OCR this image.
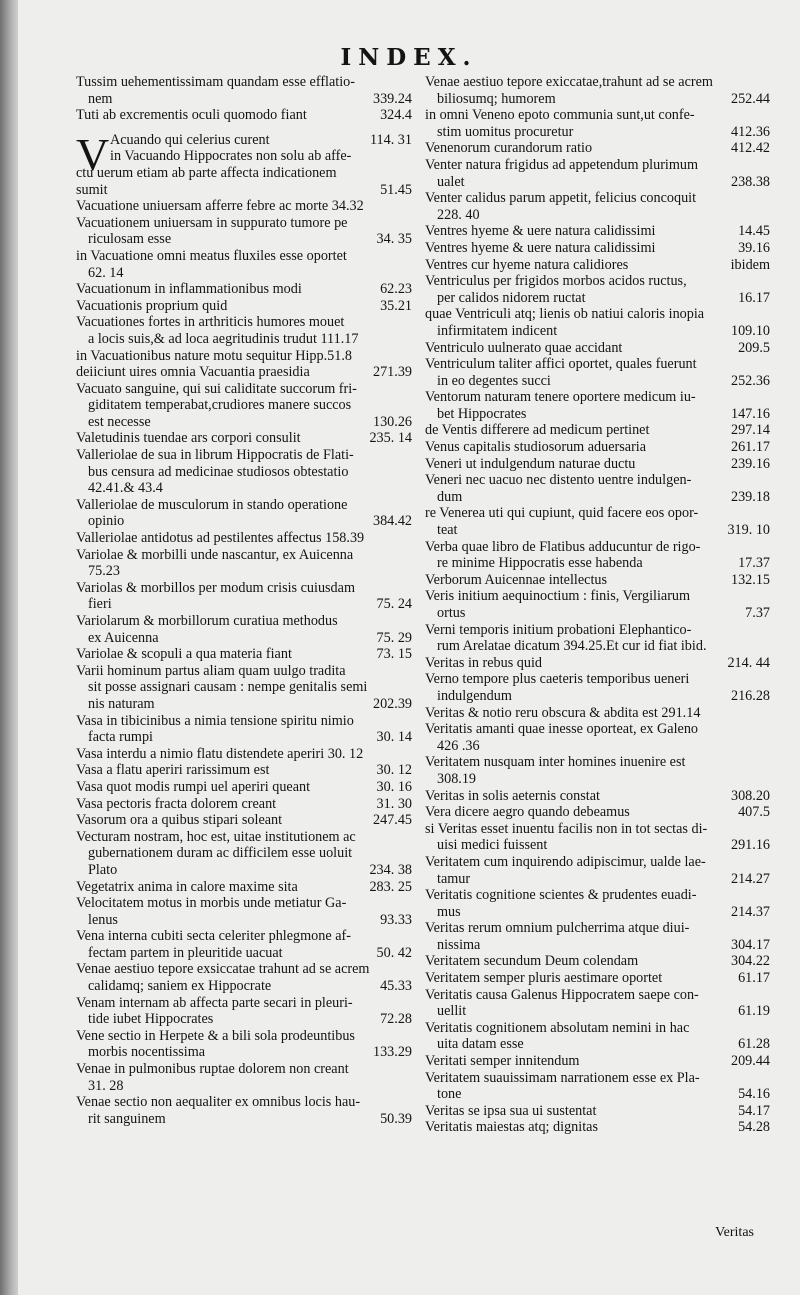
INDEX.
Tussim uehementissimam quandam esse efflatio-
nem	339.24
Tuti ab excrementis oculi quomodo fiant	324.4
V Acuando qui celerius curent	114. 31
in Vacuando Hippocrates non solu ab affe-
ctu uerum etiam ab parte affecta indicationem
sumit	51.45
Vacuatione uniuersam afferre febre ac morte 34.32
Vacuationem uniuersam in suppurato tumore pe
riculosam esse	34. 35
in Vacuatione omni meatus fluxiles esse oportet
62. 14
Vacuationum in inflammationibus modi	62.23
Vacuationis proprium quid	35.21
Vacuationes fortes in arthriticis humores mouet
a locis suis,& ad loca aegritudinis trudut 111.17
in Vacuationibus nature motu sequitur Hipp.51.8
deiiciunt uires omnia Vacuantia praesidia	271.39
Vacuato sanguine, qui sui caliditate succorum fri-
giditatem temperabat,crudiores manere succos
est necesse	130.26
Valetudinis tuendae ars corpori consulit	235. 14
Valleriolae de sua in librum Hippocratis de Flati-
bus censura ad medicinae studiosos obtestatio
42.41.& 43.4
Valleriolae de musculorum in stando operatione
opinio	384.42
Valleriolae antidotus ad pestilentes affectus 158.39
Variolae & morbilli unde nascantur, ex Auicenna
75.23
Variolas & morbillos per modum crisis cuiusdam
fieri	75. 24
Variolarum & morbillorum curatiua methodus
ex Auicenna	75. 29
Variolae & scopuli a qua materia fiant	73. 15
Varii hominum partus aliam quam uulgo tradita
sit posse assignari causam : nempe genitalis semi
nis naturam	202.39
Vasa in tibicinibus a nimia tensione spiritu nimio
facta rumpi	30. 14
Vasa interdu a nimio flatu distendete aperiri 30. 12
Vasa a flatu aperiri rarissimum est	30. 12
Vasa quot modis rumpi uel aperiri queant	30. 16
Vasa pectoris fracta dolorem creant	31. 30
Vasorum ora a quibus stipari soleant	247.45
Vecturam nostram, hoc est, uitae institutionem ac
gubernationem duram ac difficilem esse uoluit
Plato	234. 38
Vegetatrix anima in calore maxime sita	283. 25
Velocitatem motus in morbis unde metiatur Ga-
lenus	93.33
Vena interna cubiti secta celeriter phlegmone af-
fectam partem in pleuritide uacuat	50. 42
Venae aestiuo tepore exsiccatae trahunt ad se acrem
calidamq; saniem ex Hippocrate	45.33
Venam internam ab affecta parte secari in pleuri-
tide iubet Hippocrates	72.28
Vene sectio in Herpete & a bili sola prodeuntibus
morbis nocentissima	133.29
Venae in pulmonibus ruptae dolorem non creant
31. 28
Venae sectio non aequaliter ex omnibus locis hau-
rit sanguinem	50.39
Venae aestiuo tepore exiccatae,trahunt ad se acrem
biliosumq; humorem	252.44
in omni Veneno epoto communia sunt,ut confe-
stim uomitus procuretur	412.36
Venenorum curandorum ratio	412.42
Venter natura frigidus ad appetendum plurimum
ualet	238.38
Venter calidus parum appetit, felicius concoquit
228. 40
Ventres hyeme & uere natura calidissimi	14.45
Ventres hyeme & uere natura calidissimi	39.16
Ventres cur hyeme natura calidiores	ibidem
Ventriculus per frigidos morbos acidos ructus,
per calidos nidorem ructat	16.17
quae Ventriculi atq; lienis ob natiui caloris inopia
infirmitatem indicent	109.10
Ventriculo uulnerato quae accidant	209.5
Ventriculum taliter affici oportet, quales fuerunt
in eo degentes succi	252.36
Ventorum naturam tenere oportere medicum iu-
bet Hippocrates	147.16
de Ventis differere ad medicum pertinet	297.14
Venus capitalis studiosorum aduersaria	261.17
Veneri ut indulgendum naturae ductu	239.16
Veneri nec uacuo nec distento uentre indulgen-
dum	239.18
re Venerea uti qui cupiunt, quid facere eos opor-
teat	319. 10
Verba quae libro de Flatibus adducuntur de rigo-
re minime Hippocratis esse habenda	17.37
Verborum Auicennae intellectus	132.15
Veris initium aequinoctium : finis, Vergiliarum
ortus	7.37
Verni temporis initium probationi Elephantico-
rum Arelatae dicatum 394.25.Et cur id fiat ibid.
Veritas in rebus quid	214. 44
Verno tempore plus caeteris temporibus ueneri
indulgendum	216.28
Veritas & notio reru obscura & abdita est 291.14
Veritatis amanti quae inesse oporteat, ex Galeno
426 .36
Veritatem nusquam inter homines inuenire est
308.19
Veritas in solis aeternis constat	308.20
Vera dicere aegro quando debeamus	407.5
si Veritas esset inuentu facilis non in tot sectas di-
uisi medici fuissent	291.16
Veritatem cum inquirendo adipiscimur, ualde lae-
tamur	214.27
Veritatis cognitione scientes & prudentes euadi-
mus	214.37
Veritas rerum omnium pulcherrima atque diui-
nissima	304.17
Veritatem secundum Deum colendam	304.22
Veritatem semper pluris aestimare oportet	61.17
Veritatis causa Galenus Hippocratem saepe con-
uellit	61.19
Veritatis cognitionem absolutam nemini in hac
uita datam esse	61.28
Veritati semper innitendum	209.44
Veritatem suauissimam narrationem esse ex Pla-
tone	54.16
Veritas se ipsa sua ui sustentat	54.17
Veritatis maiestas atq; dignitas	54.28
Veritas
